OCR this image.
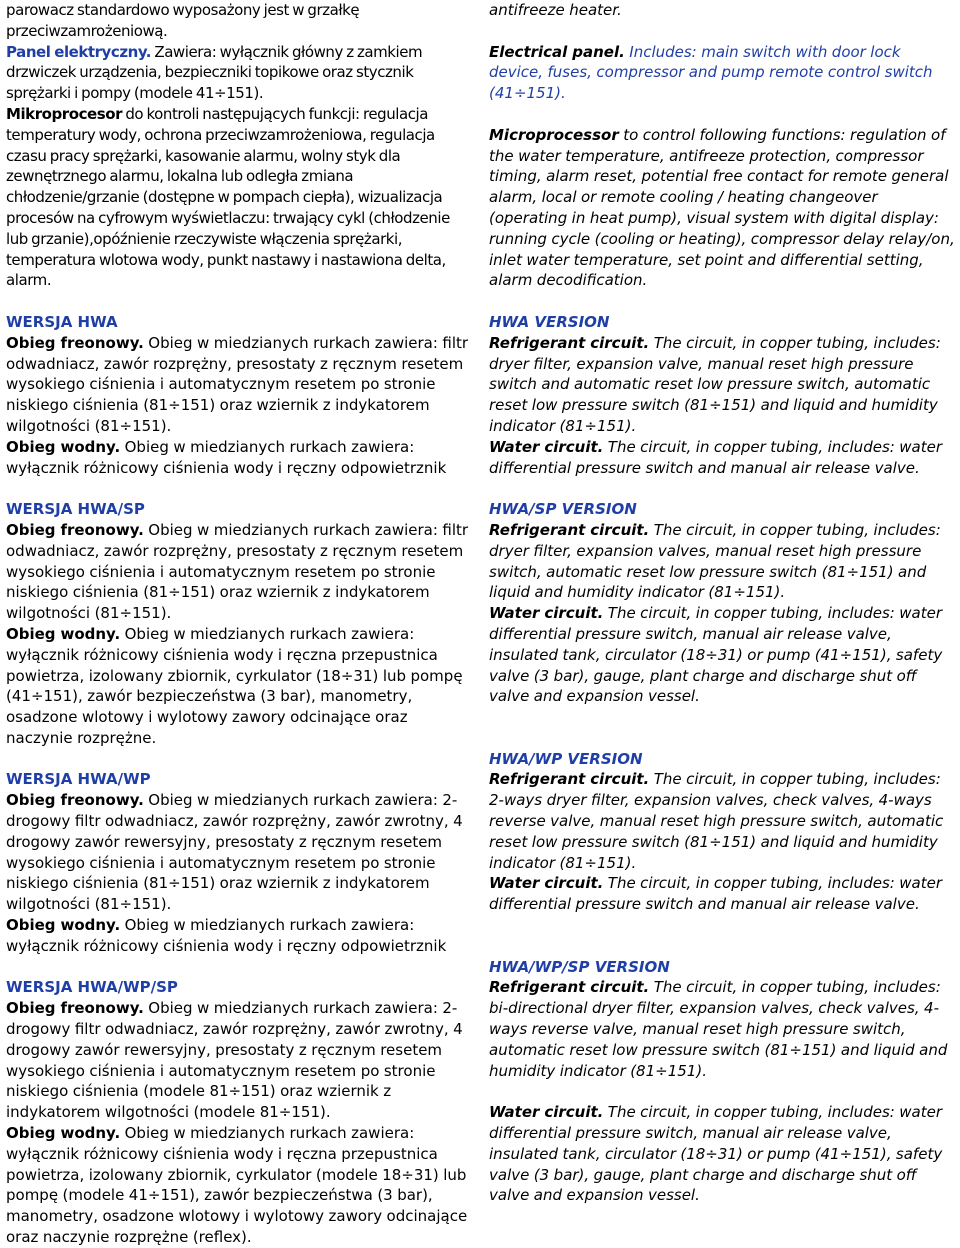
parowacz standardowo wyposażony jest w grzałkę przeciwzamrożeniową.

Panel elektryczny. Zawiera: wyłącznik główny z zamkiem drzwiczek urządzenia, bezpieczniki topikowe oraz stycznik sprężarki i pompy (modele 41÷151).

Mikroprocesor do kontroli następujących funkcji: regulacja temperatury wody, ochrona przeciwzamrożeniowa, regulacja czasu pracy sprężarki, kasowanie alarmu, wolny styk dla zewnętrznego alarmu, lokalna lub odległa zmiana chłodzenie/grzanie (dostępne w pompach ciepła), wizualizacja procesów na cyfrowym wyświetlaczu: trwający cykl (chłodzenie lub grzanie),opóźnienie rzeczywiste włączenia sprężarki, temperatura wlotowa wody, punkt nastawy i nastawiona delta, alarm.

WERSJA HWA

Obieg freonowy. Obieg w miedzianych rurkach zawiera: filtr odwadniacz, zawór rozprężny, presostaty z ręcznym resetem wysokiego ciśnienia i automatycznym resetem po stronie niskiego ciśnienia (81÷151) oraz wziernik z indykatorem wilgotności (81÷151).

Obieg wodny. Obieg w miedzianych rurkach zawiera: wyłącznik różnicowy ciśnienia wody i ręczny odpowietrznik

WERSJA HWA/SP

Obieg freonowy. Obieg w miedzianych rurkach zawiera: filtr odwadniacz, zawór rozprężny, presostaty z ręcznym resetem wysokiego ciśnienia i automatycznym resetem po stronie niskiego ciśnienia (81÷151) oraz wziernik z indykatorem wilgotności (81÷151).

Obieg wodny. Obieg w miedzianych rurkach zawiera: wyłącznik różnicowy ciśnienia wody i ręczna przepustnica powietrza, izolowany zbiornik, cyrkulator (18÷31) lub pompę (41÷151), zawór bezpieczeństwa (3 bar), manometry, osadzone wlotowy i wylotowy zawory odcinające oraz naczynie rozprężne.

WERSJA HWA/WP

Obieg freonowy. Obieg w miedzianych rurkach zawiera: 2-drogowy filtr odwadniacz, zawór rozprężny, zawór zwrotny, 4 drogowy zawór rewersyjny, presostaty z ręcznym resetem wysokiego ciśnienia i automatycznym resetem po stronie niskiego ciśnienia (81÷151) oraz wziernik z indykatorem wilgotności (81÷151).

Obieg wodny. Obieg w miedzianych rurkach zawiera: wyłącznik różnicowy ciśnienia wody i ręczny odpowietrznik

WERSJA HWA/WP/SP

Obieg freonowy. Obieg w miedzianych rurkach zawiera: 2-drogowy filtr odwadniacz, zawór rozprężny, zawór zwrotny, 4 drogowy zawór rewersyjny, presostaty z ręcznym resetem wysokiego ciśnienia i automatycznym resetem po stronie niskiego ciśnienia (modele 81÷151) oraz wziernik z indykatorem wilgotności (modele 81÷151).

Obieg wodny. Obieg w miedzianych rurkach zawiera: wyłącznik różnicowy ciśnienia wody i ręczna przepustnica powietrza, izolowany zbiornik, cyrkulator (modele 18÷31) lub pompę (modele 41÷151), zawór bezpieczeństwa (3 bar), manometry, osadzone wlotowy i wylotowy zawory odcinające oraz naczynie rozprężne (reflex).

antifreeze heater.

Electrical panel. Includes: main switch with door lock device, fuses, compressor and pump remote control switch (41÷151).

Microprocessor to control following functions: regulation of the water temperature, antifreeze protection, compressor timing, alarm reset, potential free contact for remote general alarm, local or remote cooling / heating changeover (operating in heat pump), visual system with digital display: running cycle (cooling or heating), compressor delay relay/on, inlet water temperature, set point and differential setting, alarm decodification.

HWA VERSION

Refrigerant circuit. The circuit, in copper tubing, includes: dryer filter, expansion valve, manual reset high pressure switch and automatic reset low pressure switch, automatic reset low pressure switch (81÷151) and liquid and humidity indicator (81÷151).

Water circuit. The circuit, in copper tubing, includes: water differential pressure switch and manual air release valve.

HWA/SP VERSION

Refrigerant circuit. The circuit, in copper tubing, includes: dryer filter, expansion valves, manual reset high pressure switch, automatic reset low pressure switch (81÷151) and liquid and humidity indicator (81÷151).

Water circuit. The circuit, in copper tubing, includes: water differential pressure switch, manual air release valve, insulated tank, circulator (18÷31) or pump (41÷151), safety valve (3 bar), gauge, plant charge and discharge shut off valve and expansion vessel.

HWA/WP VERSION

Refrigerant circuit. The circuit, in copper tubing, includes: 2-ways dryer filter, expansion valves, check valves, 4-ways reverse valve, manual reset high pressure switch, automatic reset low pressure switch (81÷151) and liquid and humidity indicator (81÷151).

Water circuit. The circuit, in copper tubing, includes: water differential pressure switch and manual air release valve.

HWA/WP/SP VERSION

Refrigerant circuit. The circuit, in copper tubing, includes: bi-directional dryer filter, expansion valves, check valves, 4-ways reverse valve, manual reset high pressure switch, automatic reset low pressure switch (81÷151) and liquid and humidity indicator (81÷151).

Water circuit. The circuit, in copper tubing, includes: water differential pressure switch, manual air release valve, insulated tank, circulator (18÷31) or pump (41÷151), safety valve (3 bar), gauge, plant charge and discharge shut off valve and expansion vessel.
